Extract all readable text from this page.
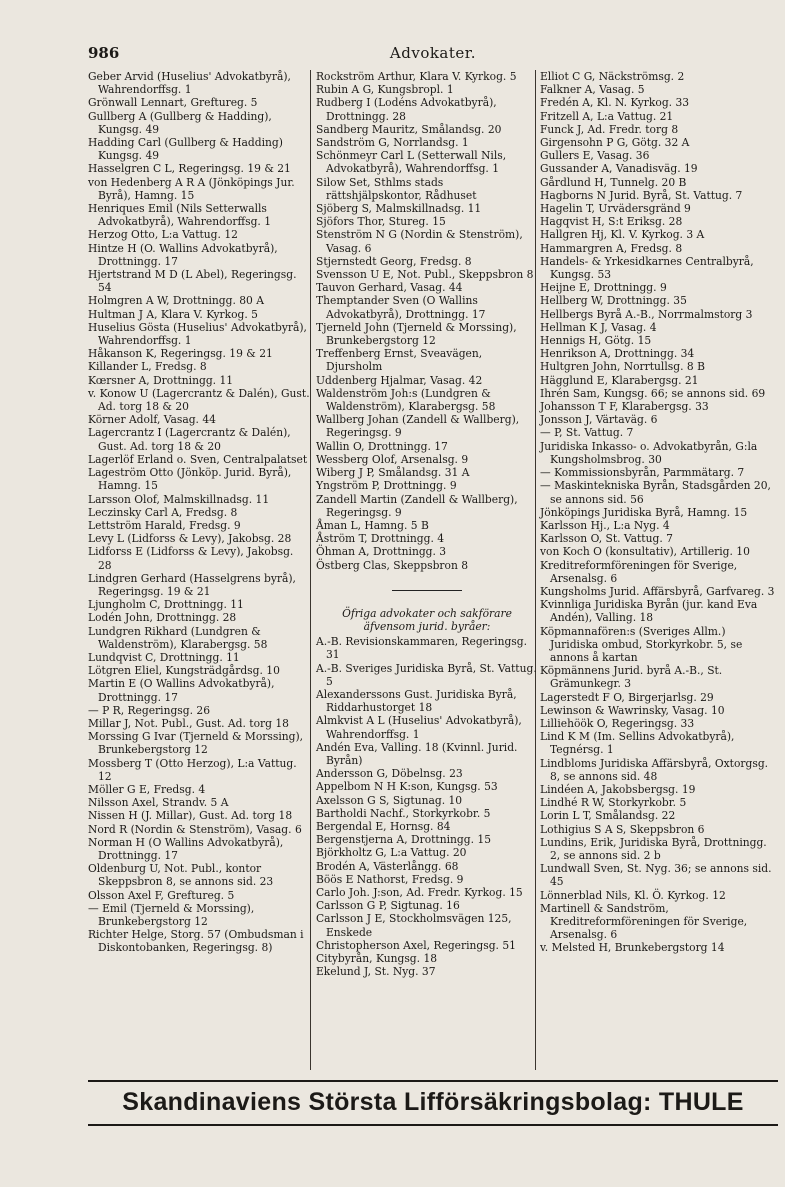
986	Advokater.
Geber Arvid (Huselius' Advokatbyrå), Wahrendorffsg. 1
Grönwall Lennart, Greftureg. 5
Gullberg A (Gullberg & Hadding), Kungsg. 49
Hadding Carl (Gullberg & Hadding) Kungsg. 49
Hasselgren C L, Regeringsg. 19 & 21
von Hedenberg A R A (Jönköpings Jur. Byrå), Hamng. 15
Henriques Emil (Nils Setterwalls Advokatbyrå), Wahrendorffsg. 1
Herzog Otto, L:a Vattug. 12
Hintze H (O. Wallins Advokatbyrå), Drottningg. 17
Hjertstrand M D (L Abel), Regeringsg. 54
Holmgren A W, Drottningg. 80 A
Hultman J A, Klara V. Kyrkog. 5
Huselius Gösta (Huselius' Advokatbyrå), Wahrendorffsg. 1
Håkanson K, Regeringsg. 19 & 21
Killander L, Fredsg. 8
Kœrsner A, Drottningg. 11
v. Konow U (Lagercrantz & Dalén), Gust. Ad. torg 18 & 20
Körner Adolf, Vasag. 44
Lagercrantz I (Lagercrantz & Dalén), Gust. Ad. torg 18 & 20
Lagerlöf Erland o. Sven, Centralpalatset
Lageström Otto (Jönköp. Jurid. Byrå), Hamng. 15
Larsson Olof, Malmskillnadsg. 11
Leczinsky Carl A, Fredsg. 8
Lettström Harald, Fredsg. 9
Levy L (Lidforss & Levy), Jakobsg. 28
Lidforss E (Lidforss & Levy), Jakobsg. 28
Lindgren Gerhard (Hasselgrens byrå), Regeringsg. 19 & 21
Ljungholm C, Drottningg. 11
Lodén John, Drottningg. 28
Lundgren Rikhard (Lundgren & Waldenström), Klarabergsg. 58
Lundqvist C, Drottningg. 11
Lötgren Eliel, Kungsträdgårdsg. 10
Martin E (O Wallins Advokatbyrå), Drottningg. 17
— P R, Regeringsg. 26
Millar J, Not. Publ., Gust. Ad. torg 18
Morssing G Ivar (Tjerneld & Morssing), Brunkebergstorg 12
Mossberg T (Otto Herzog), L:a Vattug. 12
Möller G E, Fredsg. 4
Nilsson Axel, Strandv. 5 A
Nissen H (J. Millar), Gust. Ad. torg 18
Nord R (Nordin & Stenström), Vasag. 6
Norman H (O Wallins Advokatbyrå), Drottningg. 17
Oldenburg U, Not. Publ., kontor Skeppsbron 8, se annons sid. 23
Olsson Axel F, Greftureg. 5
— Emil (Tjerneld & Morssing), Brunkebergstorg 12
Richter Helge, Storg. 57 (Ombudsman i Diskontobanken, Regeringsg. 8)
Rockström Arthur, Klara V. Kyrkog. 5
Rubin A G, Kungsbropl. 1
Rudberg I (Lodéns Advokatbyrå), Drottningg. 28
Sandberg Mauritz, Smålandsg. 20
Sandström G, Norrlandsg. 1
Schönmeyr Carl L (Setterwall Nils, Advokatbyrå), Wahrendorffsg. 1
Silow Set, Sthlms stads rättshjälpskontor, Rådhuset
Sjöberg S, Malmskillnadsg. 11
Sjöfors Thor, Stureg. 15
Stenström N G (Nordin & Stenström), Vasag. 6
Stjernstedt Georg, Fredsg. 8
Svensson U E, Not. Publ., Skeppsbron 8
Tauvon Gerhard, Vasag. 44
Themptander Sven (O Wallins Advokatbyrå), Drottningg. 17
Tjerneld John (Tjerneld & Morssing), Brunkebergstorg 12
Treffenberg Ernst, Sveavägen, Djursholm
Uddenberg Hjalmar, Vasag. 42
Waldenström Joh:s (Lundgren & Waldenström), Klarabergsg. 58
Wallberg Johan (Zandell & Wallberg), Regeringsg. 9
Wallin O, Drottningg. 17
Wessberg Olof, Arsenalsg. 9
Wiberg J P, Smålandsg. 31 A
Yngström P, Drottningg. 9
Zandell Martin (Zandell & Wallberg), Regeringsg. 9
Åman L, Hamng. 5 B
Åström T, Drottningg. 4
Öhman A, Drottningg. 3
Östberg Clas, Skeppsbron 8
Öfriga advokater och sakförare äfvensom jurid. byråer:
A.-B. Revisionskammaren, Regeringsg. 31
A.-B. Sveriges Juridiska Byrå, St. Vattug. 5
Alexanderssons Gust. Juridiska Byrå, Riddarhustorget 18
Almkvist A L (Huselius' Advokatbyrå), Wahrendorffsg. 1
Andén Eva, Valling. 18 (Kvinnl. Jurid. Byrån)
Andersson G, Döbelnsg. 23
Appelbom N H K:son, Kungsg. 53
Axelsson G S, Sigtunag. 10
Bartholdi Nachf., Storkyrkobr. 5
Bergendal E, Hornsg. 84
Bergenstjerna A, Drottningg. 15
Björkholtz G, L:a Vattug. 20
Brodén A, Västerlångg. 68
Böös E Nathorst, Fredsg. 9
Carlo Joh. J:son, Ad. Fredr. Kyrkog. 15
Carlsson G P, Sigtunag. 16
Carlsson J E, Stockholmsvägen 125, Enskede
Christopherson Axel, Regeringsg. 51
Citybyrån, Kungsg. 18
Ekelund J, St. Nyg. 37
Elliot C G, Näckströmsg. 2
Falkner A, Vasag. 5
Fredén A, Kl. N. Kyrkog. 33
Fritzell A, L:a Vattug. 21
Funck J, Ad. Fredr. torg 8
Girgensohn P G, Götg. 32 A
Gullers E, Vasag. 36
Gussander A, Vanadisväg. 19
Gårdlund H, Tunnelg. 20 B
Hagborns N Jurid. Byrå, St. Vattug. 7
Hagelin T, Urvädersgränd 9
Hagqvist H, S:t Eriksg. 28
Hallgren Hj, Kl. V. Kyrkog. 3 A
Hammargren A, Fredsg. 8
Handels- & Yrkesidkarnes Centralbyrå, Kungsg. 53
Heijne E, Drottningg. 9
Hellberg W, Drottningg. 35
Hellbergs Byrå A.-B., Norrmalmstorg 3
Hellman K J, Vasag. 4
Hennigs H, Götg. 15
Henrikson A, Drottningg. 34
Hultgren John, Norrtullsg. 8 B
Hägglund E, Klarabergsg. 21
Ihrén Sam, Kungsg. 66; se annons sid. 69
Johansson T F, Klarabergsg. 33
Jonsson J, Värtaväg. 6
— P, St. Vattug. 7
Juridiska Inkasso- o. Advokatbyrån, G:la Kungsholmsbrog. 30
— Kommissionsbyrån, Parmmätarg. 7
— Maskintekniska Byrån, Stadsgården 20, se annons sid. 56
Jönköpings Juridiska Byrå, Hamng. 15
Karlsson Hj., L:a Nyg. 4
Karlsson O, St. Vattug. 7
von Koch O (konsultativ), Artillerig. 10
Kreditreformföreningen för Sverige, Arsenalsg. 6
Kungsholms Jurid. Affärsbyrå, Garfvareg. 3
Kvinnliga Juridiska Byrån (jur. kand Eva Andén), Valling. 18
Köpmannafören:s (Sveriges Allm.) Juridiska ombud, Storkyrkobr. 5, se annons å kartan
Köpmännens Jurid. byrå A.-B., St. Grämunkegr. 3
Lagerstedt F O, Birgerjarlsg. 29
Lewinson & Wawrinsky, Vasag. 10
Lilliehöök O, Regeringsg. 33
Lind K M (Im. Sellins Advokatbyrå), Tegnérsg. 1
Lindbloms Juridiska Affärsbyrå, Oxtorgsg. 8, se annons sid. 48
Lindéen A, Jakobsbergsg. 19
Lindhé R W, Storkyrkobr. 5
Lorin L T, Smålandsg. 22
Lothigius S A S, Skeppsbron 6
Lundins, Erik, Juridiska Byrå, Drottningg. 2, se annons sid. 2 b
Lundwall Sven, St. Nyg. 36; se annons sid. 45
Lönnerblad Nils, Kl. Ö. Kyrkog. 12
Martinell & Sandström, Kreditreformföreningen för Sverige, Arsenalsg. 6
v. Melsted H, Brunkebergstorg 14
Skandinaviens Största Lifförsäkringsbolag: THULE
